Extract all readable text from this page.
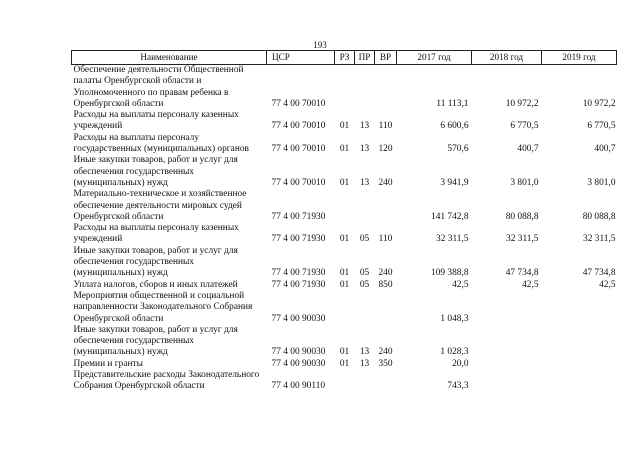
193
Наименование	ЦСР	РЗ	ПР	ВР	2017 год	2018 год	2019 год
Обеспечение деятельности Общественной палаты Оренбургской области и Уполномоченного по правам ребенка в Оренбургской области	77 4 00 70010				11 113,1	10 972,2	10 972,2
Расходы на выплаты персоналу казенных учреждений	77 4 00 70010	01	13	110	6 600,6	6 770,5	6 770,5
Расходы на выплаты персоналу государственных (муниципальных) органов	77 4 00 70010	01	13	120	570,6	400,7	400,7
Иные закупки товаров, работ и услуг для обеспечения государственных (муниципальных) нужд	77 4 00 70010	01	13	240	3 941,9	3 801,0	3 801,0
Материально-техническое и хозяйственное обеспечение деятельности мировых судей Оренбургской области	77 4 00 71930				141 742,8	80 088,8	80 088,8
Расходы на выплаты персоналу казенных учреждений	77 4 00 71930	01	05	110	32 311,5	32 311,5	32 311,5
Иные закупки товаров, работ и услуг для обеспечения государственных (муниципальных) нужд	77 4 00 71930	01	05	240	109 388,8	47 734,8	47 734,8
Уплата налогов, сборов и иных платежей	77 4 00 71930	01	05	850	42,5	42,5	42,5
Мероприятия общественной и социальной направленности Законодательного Собрания Оренбургской области	77 4 00 90030				1 048,3		
Иные закупки товаров, работ и услуг для обеспечения государственных (муниципальных) нужд	77 4 00 90030	01	13	240	1 028,3		
Премии и гранты	77 4 00 90030	01	13	350	20,0		
Представительские расходы Законодательного Собрания Оренбургской области	77 4 00 90110				743,3		
